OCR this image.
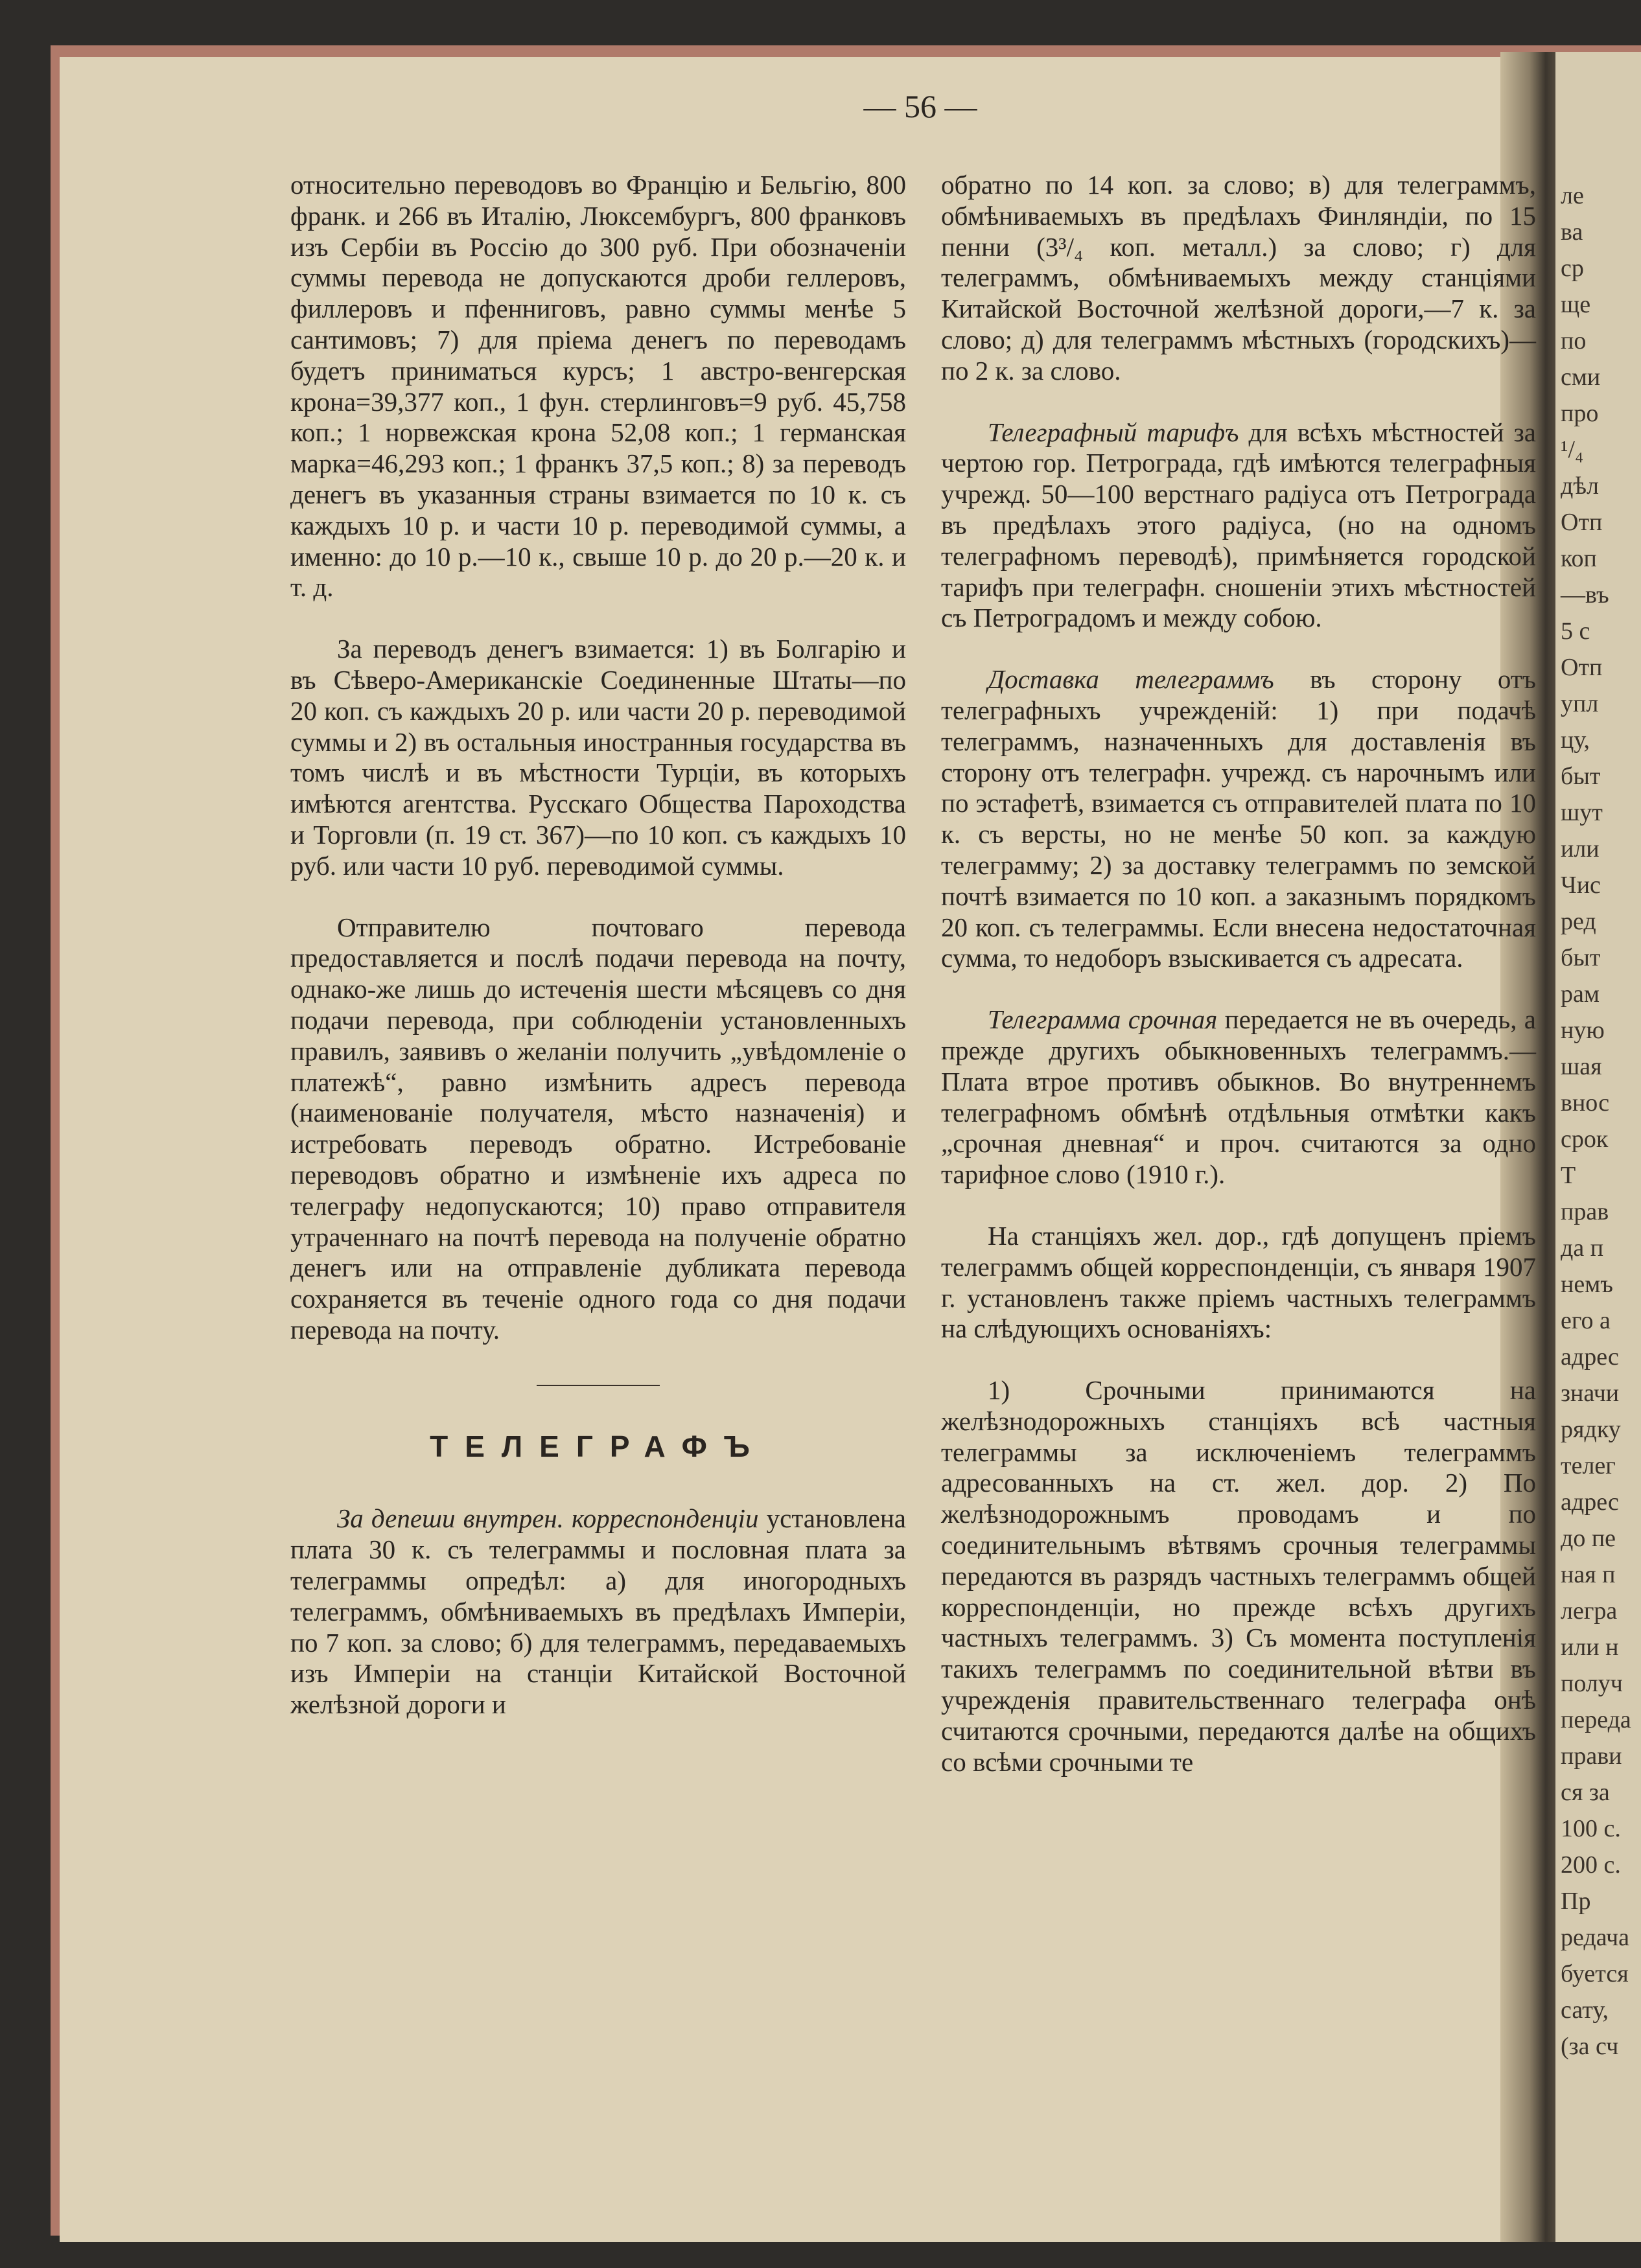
ле
ва
ср
ще
по
сми
про
¹/₄
дѣл
Отп
коп
—въ
5 с
Отп
упл
цу,
быт
шут
или
Чис
ред
быт
рам
ную
шая
внос
срок
Т
прав
да п
немъ
его а
адрес
значи
рядку
телег
адрес
до пе
ная п
легра
или н
получ
переда
прави
ся за
100 с.
200 с.
Пр
редача
буется
сату,
(за сч
— 56 —

относительно переводовъ во Францію и Бельгію, 800 франк. и 266 въ Италію, Люксембургъ, 800 франковъ изъ Сербіи въ Россію до 300 руб. При обозначеніи суммы перевода не допускаются дроби геллеровъ, филлеровъ и пфенниговъ, равно суммы менѣе 5 сантимовъ; 7) для пріема денегъ по переводамъ будетъ приниматься курсъ; 1 австро-венгерская крона=39,377 коп., 1 фун. стерлинговъ=9 руб. 45,758 коп.; 1 норвежская крона 52,08 коп.; 1 германская марка=46,293 коп.; 1 франкъ 37,5 коп.; 8) за переводъ денегъ въ указанныя страны взимается по 10 к. съ каждыхъ 10 р. и части 10 р. переводимой суммы, а именно: до 10 р.—10 к., свыше 10 р. до 20 р.—20 к. и т. д.

За переводъ денегъ взимается: 1) въ Болгарію и въ Сѣверо-Американскіе Соединенные Штаты—по 20 коп. съ каждыхъ 20 р. или части 20 р. переводимой суммы и 2) въ остальныя иностранныя государства въ томъ числѣ и въ мѣстности Турціи, въ которыхъ имѣются агентства. Русскаго Общества Пароходства и Торговли (п. 19 ст. 367)—по 10 коп. съ каждыхъ 10 руб. или части 10 руб. переводимой суммы.

Отправителю почтоваго перевода предоставляется и послѣ подачи перевода на почту, однако-же лишь до истеченія шести мѣсяцевъ со дня подачи перевода, при соблюденіи установленныхъ правилъ, заявивъ о желаніи получить „увѣдомленіе о платежѣ“, равно измѣнить адресъ перевода (наименованіе получателя, мѣсто назначенія) и истребовать переводъ обратно. Истребованіе переводовъ обратно и измѣненіе ихъ адреса по телеграфу недопускаются; 10) право отправителя утраченнаго на почтѣ перевода на полученіе обратно денегъ или на отправленіе дубликата перевода сохраняется въ теченіе одного года со дня подачи перевода на почту.

ТЕЛЕГРАФЪ

За депеши внутрен. корреспонденціи установлена плата 30 к. съ телеграммы и пословная плата за телеграммы опредѣл: а) для иногородныхъ телеграммъ, обмѣниваемыхъ въ предѣлахъ Имперіи, по 7 коп. за слово; б) для телеграммъ, передаваемыхъ изъ Имперіи на станціи Китайской Восточной желѣзной дороги и

обратно по 14 коп. за слово; в) для телеграммъ, обмѣниваемыхъ въ предѣлахъ Финляндіи, по 15 пенни (3³/₄ коп. металл.) за слово; г) для телеграммъ, обмѣниваемыхъ между станціями Китайской Восточной желѣзной дороги,—7 к. за слово; д) для телеграммъ мѣстныхъ (городскихъ)—по 2 к. за слово.

Телеграфный тарифъ для всѣхъ мѣстностей за чертою гор. Петрограда, гдѣ имѣются телеграфныя учрежд. 50—100 верстнаго радіуса отъ Петрограда въ предѣлахъ этого радіуса, (но на одномъ телеграфномъ переводѣ), примѣняется городской тарифъ при телеграфн. сношеніи этихъ мѣстностей съ Петроградомъ и между собою.

Доставка телеграммъ въ сторону отъ телеграфныхъ учрежденій: 1) при подачѣ телеграммъ, назначенныхъ для доставленія въ сторону отъ телеграфн. учрежд. съ нарочнымъ или по эстафетѣ, взимается съ отправителей плата по 10 к. съ версты, но не менѣе 50 коп. за каждую телеграмму; 2) за доставку телеграммъ по земской почтѣ взимается по 10 коп. а заказнымъ порядкомъ 20 коп. съ телеграммы. Если внесена недостаточная сумма, то недоборъ взыскивается съ адресата.

Телеграмма срочная передается не въ очередь, а прежде другихъ обыкновенныхъ телеграммъ.—Плата втрое противъ обыкнов. Во внутреннемъ телеграфномъ обмѣнѣ отдѣльныя отмѣтки какъ „срочная дневная“ и проч. считаются за одно тарифное слово (1910 г.).

На станціяхъ жел. дор., гдѣ допущенъ пріемъ телеграммъ общей корреспонденціи, съ января 1907 г. установленъ также пріемъ частныхъ телеграммъ на слѣдующихъ основаніяхъ:

1) Срочными принимаются на желѣзнодорожныхъ станціяхъ всѣ частныя телеграммы за исключеніемъ телеграммъ адресованныхъ на ст. жел. дор. 2) По желѣзнодорожнымъ проводамъ и по соединительнымъ вѣтвямъ срочныя телеграммы передаются въ разрядъ частныхъ телеграммъ общей корреспонденціи, но прежде всѣхъ другихъ частныхъ телеграммъ. 3) Съ момента поступленія такихъ телеграммъ по соединительной вѣтви въ учрежденія правительственнаго телеграфа онѣ считаются срочными, передаются далѣе на общихъ со всѣми срочными те
